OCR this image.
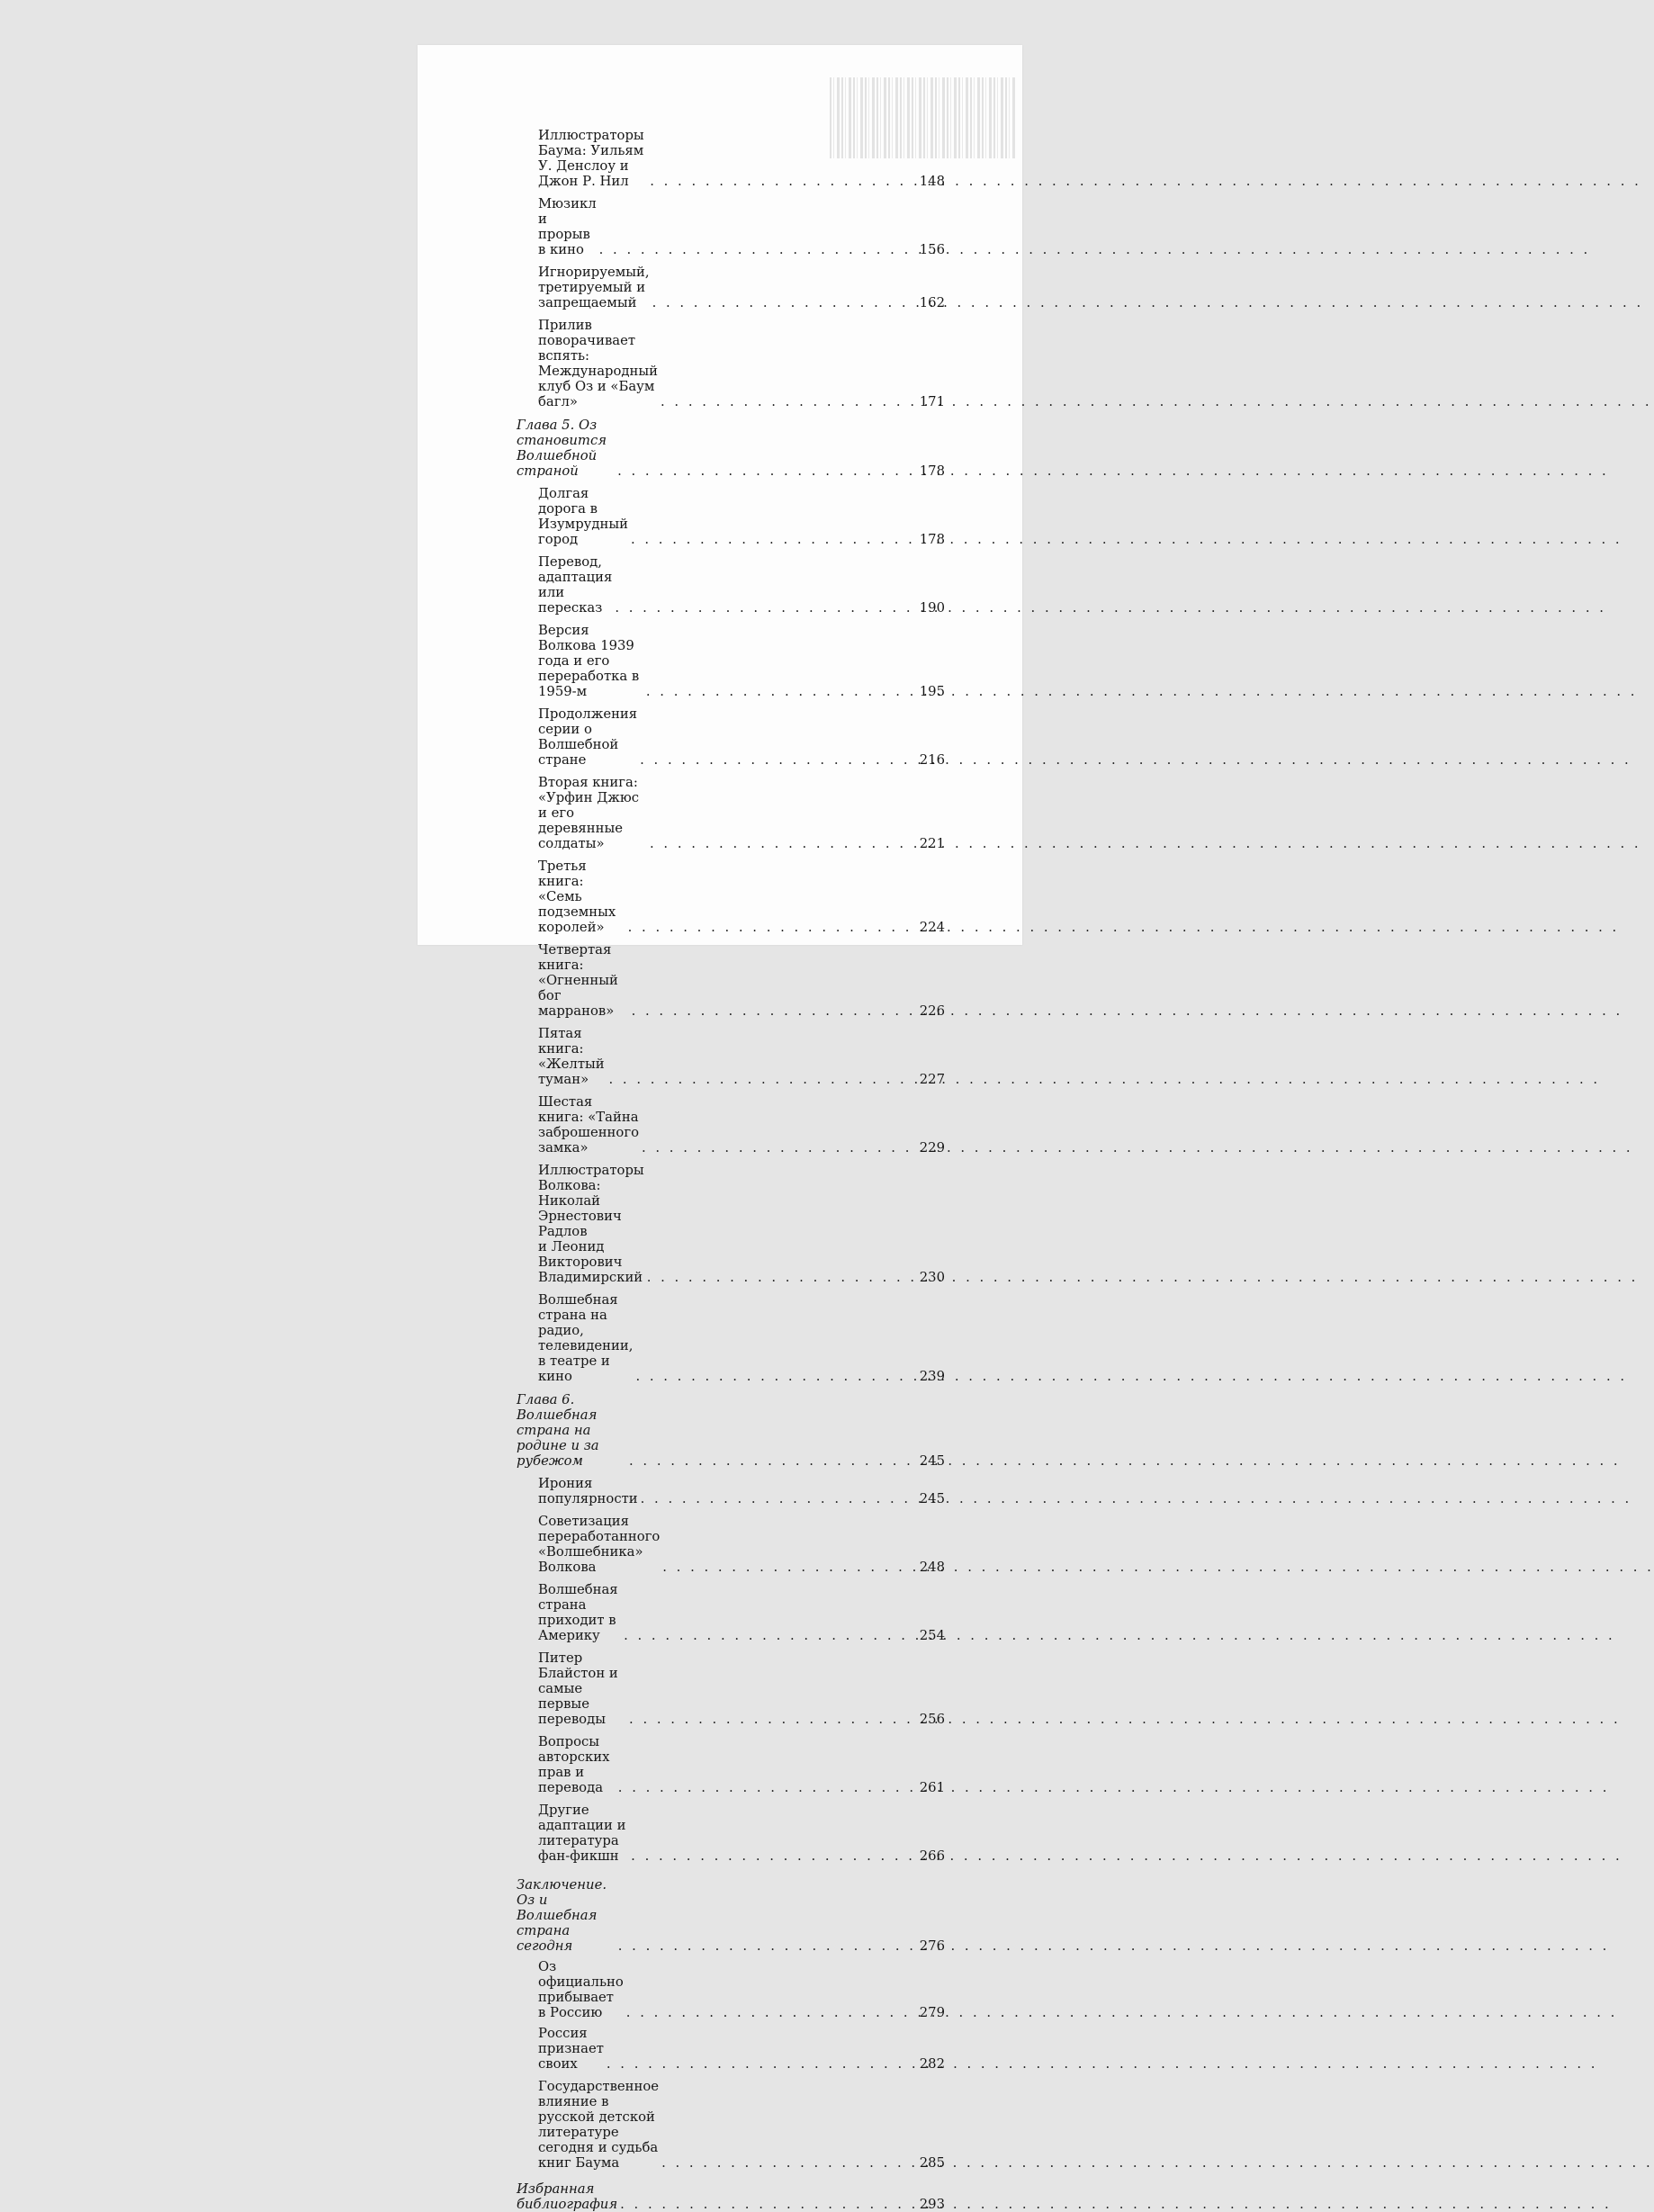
Иллюстраторы Баума: Уильям У. Денслоу и Джон Р. Нил . . .	148
Мюзикл и прорыв в кино . . .	156
Игнорируемый, третируемый и запрещаемый . . .	162
Прилив поворачивает вспять:
Международный клуб Оз и «Баум багл» . . .	171
Глава 5. Оз становится Волшебной страной . . .	178
Долгая дорога в Изумрудный город . . .	178
Перевод, адаптация или пересказ . . .	190
Версия Волкова 1939 года и его переработка в 1959-м . . .	195
Продолжения серии о Волшебной стране . . .	216
Вторая книга: «Урфин Джюс и его деревянные солдаты» . . .	221
Третья книга: «Семь подземных королей» . . .	224
Четвертая книга: «Огненный бог марранов» . . .	226
Пятая книга: «Желтый туман» . . .	227
Шестая книга: «Тайна заброшенного замка» . . .	229
Иллюстраторы Волкова: Николай Эрнестович Радлов
и Леонид Викторович Владимирский . . .	230
Волшебная страна на радио, телевидении,
в театре и кино . . .	239
Глава 6. Волшебная страна на родине и за рубежом . . .	245
Ирония популярности . . .	245
Советизация переработанного «Волшебника» Волкова . . .	248
Волшебная страна приходит в Америку . . .	254
Питер Блайстон и самые первые переводы . . .	256
Вопросы авторских прав и перевода . . .	261
Другие адаптации и литература фан-фикшн . . .	266
Заключение. Оз и Волшебная страна сегодня . . .	276
Оз официально прибывает в Россию . . .	279
Россия признает своих . . .	282
Государственное влияние в русской детской литературе
сегодня и судьба книг Баума . . .	285
Избранная библиография . . .	293
